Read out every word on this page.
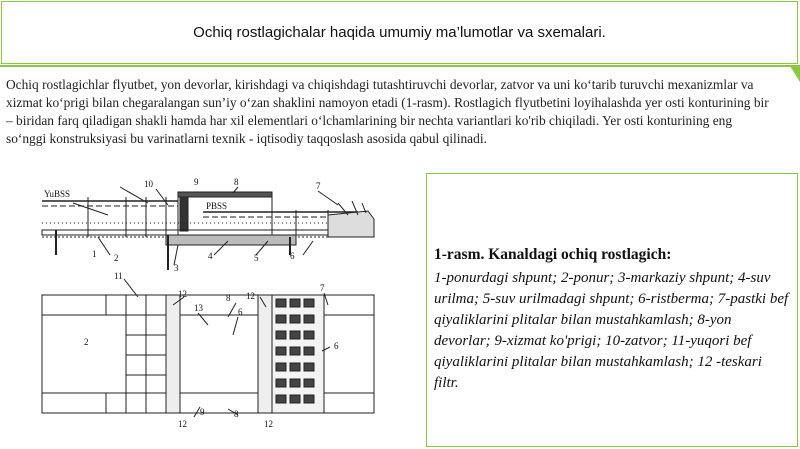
Ochiq rostlagichalar haqida umumiy ma’lumotlar va sxemalari.
Ochiq rostlagichlar flyutbet, yon devorlar, kirishdagi va chiqishdagi tutashtiruvchi devorlar, zatvor va uni ko‘tarib turuvchi mexanizmlar va xizmat ko‘prigi bilan chegaralangan sun’iy o‘zan shaklini namoyon etadi (1-rasm). Rostlagich flyutbetini loyihalashda yer osti konturining bir – biridan farq qiladigan shakli hamda har xil elementlari o‘lchamlarining bir nechta variantlari ko'rib chiqiladi. Yer osti konturining eng so‘nggi konstruksiyasi bu varinatlarni texnik - iqtisodiy taqqoslash asosida qabul qilinadi.
YuBSS
PBSS
9	8
10	7
1 2
3
4	5	6
11
12	12
7
13
8
6
2	6
9	8
12	12
1-rasm. Kanaldagi ochiq rostlagich:
1-ponurdagi shpunt; 2-ponur; 3-markaziy shpunt; 4-suv urilma; 5-suv urilmadagi shpunt; 6-ristberma; 7-pastki bef qiyaliklarini plitalar bilan mustahkamlash; 8-yon devorlar; 9-xizmat ko'prigi; 10-zatvor; 11-yuqori bef qiyaliklarini plitalar bilan mustahkamlash; 12 -teskari filtr.
